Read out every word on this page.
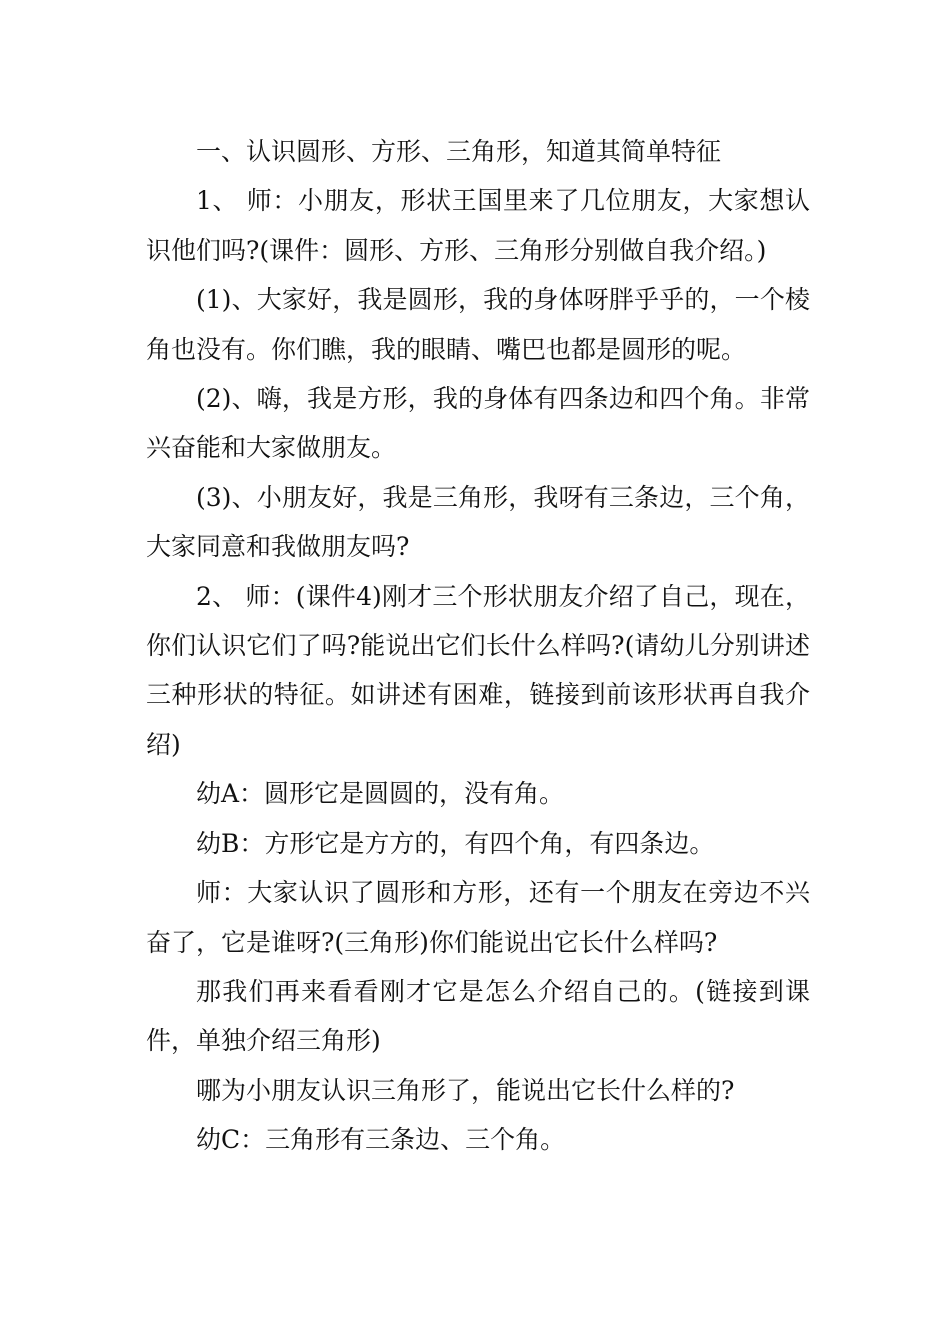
一、认识圆形、方形、三角形，知道其简单特征

1、 师：小朋友，形状王国里来了几位朋友，大家想认识他们吗?(课件：圆形、方形、三角形分别做自我介绍。)

(1)、大家好，我是圆形，我的身体呀胖乎乎的，一个棱角也没有。你们瞧，我的眼睛、嘴巴也都是圆形的呢。

(2)、嗨，我是方形，我的身体有四条边和四个角。非常兴奋能和大家做朋友。

(3)、小朋友好，我是三角形，我呀有三条边，三个角，大家同意和我做朋友吗?

2、 师：(课件4)刚才三个形状朋友介绍了自己，现在，你们认识它们了吗?能说出它们长什么样吗?(请幼儿分别讲述三种形状的特征。如讲述有困难，链接到前该形状再自我介绍)

幼A：圆形它是圆圆的，没有角。

幼B：方形它是方方的，有四个角，有四条边。

师：大家认识了圆形和方形，还有一个朋友在旁边不兴奋了，它是谁呀?(三角形)你们能说出它长什么样吗?

那我们再来看看刚才它是怎么介绍自己的。(链接到课件，单独介绍三角形)

哪为小朋友认识三角形了，能说出它长什么样的?

幼C：三角形有三条边、三个角。
